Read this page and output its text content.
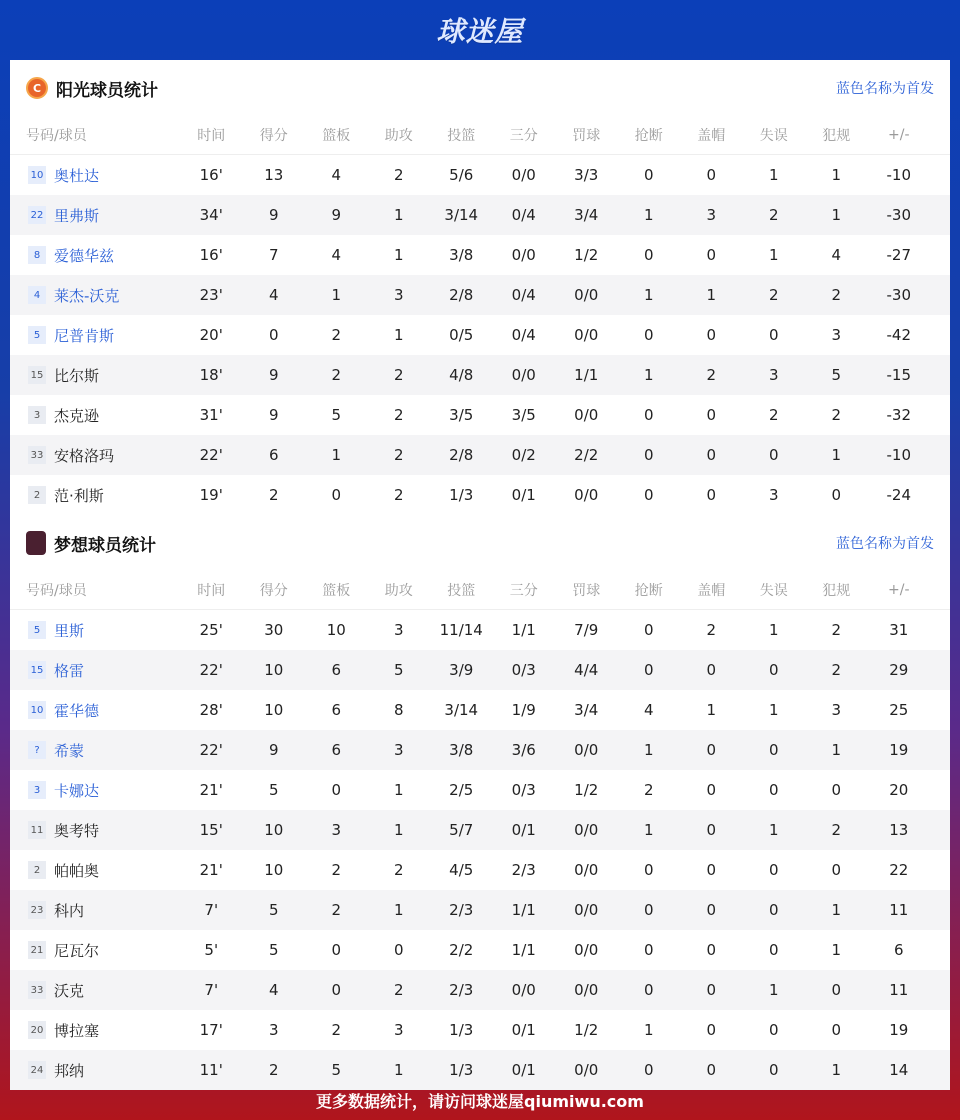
球迷屋
C 阳光球员统计	蓝色名称为首发
号码/球员	时间	得分	篮板	助攻	投篮	三分	罚球	抢断	盖帽	失误	犯规	+/-
10 奥杜达	16'	13	4	2	5/6	0/0	3/3	0	0	1	1	-10
22 里弗斯	34'	9	9	1	3/14	0/4	3/4	1	3	2	1	-30
8 爱德华兹	16'	7	4	1	3/8	0/0	1/2	0	0	1	4	-27
4 莱杰-沃克	23'	4	1	3	2/8	0/4	0/0	1	1	2	2	-30
5 尼普肯斯	20'	0	2	1	0/5	0/4	0/0	0	0	0	3	-42
15 比尔斯	18'	9	2	2	4/8	0/0	1/1	1	2	3	5	-15
3 杰克逊	31'	9	5	2	3/5	3/5	0/0	0	0	2	2	-32
33 安格洛玛	22'	6	1	2	2/8	0/2	2/2	0	0	0	1	-10
2 范·利斯	19'	2	0	2	1/3	0/1	0/0	0	0	3	0	-24
梦想球员统计	蓝色名称为首发
号码/球员	时间	得分	篮板	助攻	投篮	三分	罚球	抢断	盖帽	失误	犯规	+/-
5 里斯	25'	30	10	3	11/14	1/1	7/9	0	2	1	2	31
15 格雷	22'	10	6	5	3/9	0/3	4/4	0	0	0	2	29
10 霍华德	28'	10	6	8	3/14	1/9	3/4	4	1	1	3	25
? 希蒙	22'	9	6	3	3/8	3/6	0/0	1	0	0	1	19
3 卡娜达	21'	5	0	1	2/5	0/3	1/2	2	0	0	0	20
11 奥考特	15'	10	3	1	5/7	0/1	0/0	1	0	1	2	13
2 帕帕奥	21'	10	2	2	4/5	2/3	0/0	0	0	0	0	22
23 科内	7'	5	2	1	2/3	1/1	0/0	0	0	0	1	11
21 尼瓦尔	5'	5	0	0	2/2	1/1	0/0	0	0	0	1	6
33 沃克	7'	4	0	2	2/3	0/0	0/0	0	0	1	0	11
20 博拉塞	17'	3	2	3	1/3	0/1	1/2	1	0	0	0	19
24 邦纳	11'	2	5	1	1/3	0/1	0/0	0	0	0	1	14
更多数据统计，请访问球迷屋qiumiwu.com
